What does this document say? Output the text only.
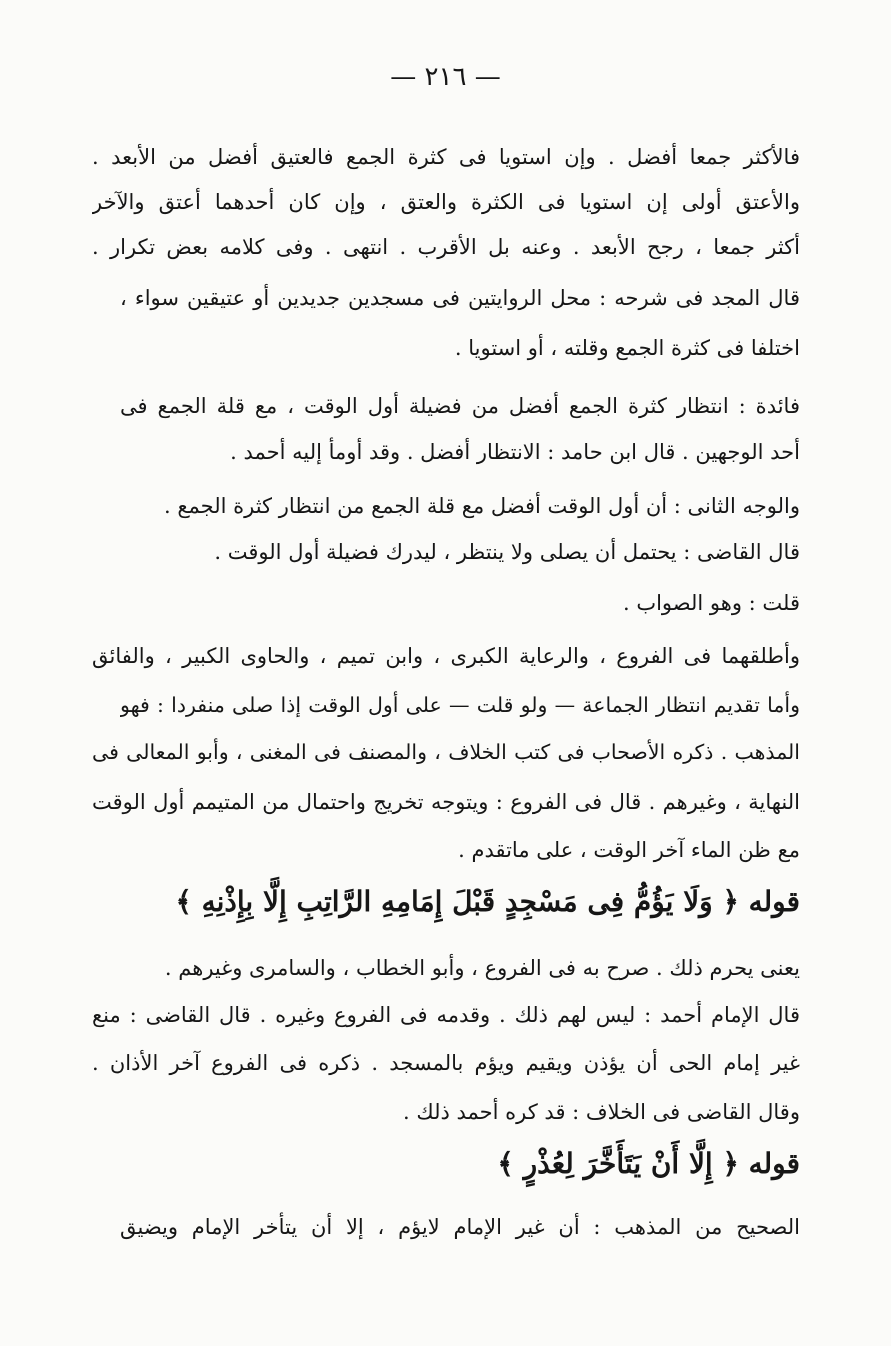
— ٢١٦ —
فالأكثر جمعا أفضل . وإن استويا فى كثرة الجمع فالعتيق أفضل من الأبعد .
والأعتق أولى إن استويا فى الكثرة والعتق ، وإن كان أحدهما أعتق والآخر
أكثر جمعا ، رجح الأبعد . وعنه بل الأقرب . انتهى . وفى كلامه بعض تكرار .
قال المجد فى شرحه : محل الروايتين فى مسجدين جديدين أو عتيقين سواء ،
اختلفا فى كثرة الجمع وقلته ، أو استويا .
فائدة : انتظار كثرة الجمع أفضل من فضيلة أول الوقت ، مع قلة الجمع فى
أحد الوجهين . قال ابن حامد : الانتظار أفضل . وقد أومأ إليه أحمد .
والوجه الثانى : أن أول الوقت أفضل مع قلة الجمع من انتظار كثرة الجمع .
قال القاضى : يحتمل أن يصلى ولا ينتظر ، ليدرك فضيلة أول الوقت .
قلت : وهو الصواب .
وأطلقهما فى الفروع ، والرعاية الكبرى ، وابن تميم ، والحاوى الكبير ، والفائق
وأما تقديم انتظار الجماعة — ولو قلت — على أول الوقت إذا صلى منفردا : فهو
المذهب . ذكره الأصحاب فى كتب الخلاف ، والمصنف فى المغنى ، وأبو المعالى فى
النهاية ، وغيرهم . قال فى الفروع : ويتوجه تخريج واحتمال من المتيمم أول الوقت
مع ظن الماء آخر الوقت ، على ماتقدم .
قوله ﴿ وَلَا يَؤُمُّ فِى مَسْجِدٍ قَبْلَ إِمَامِهِ الرَّاتِبِ إِلَّا بِإِذْنِهِ ﴾
يعنى يحرم ذلك . صرح به فى الفروع ، وأبو الخطاب ، والسامرى وغيرهم .
قال الإمام أحمد : ليس لهم ذلك . وقدمه فى الفروع وغيره . قال القاضى : منع
غير إمام الحى أن يؤذن ويقيم ويؤم بالمسجد . ذكره فى الفروع آخر الأذان .
وقال القاضى فى الخلاف : قد كره أحمد ذلك .
قوله ﴿ إِلَّا أَنْ يَتَأَخَّرَ لِعُذْرٍ ﴾
الصحيح من المذهب : أن غير الإمام لايؤم ، إلا أن يتأخر الإمام ويضيق
